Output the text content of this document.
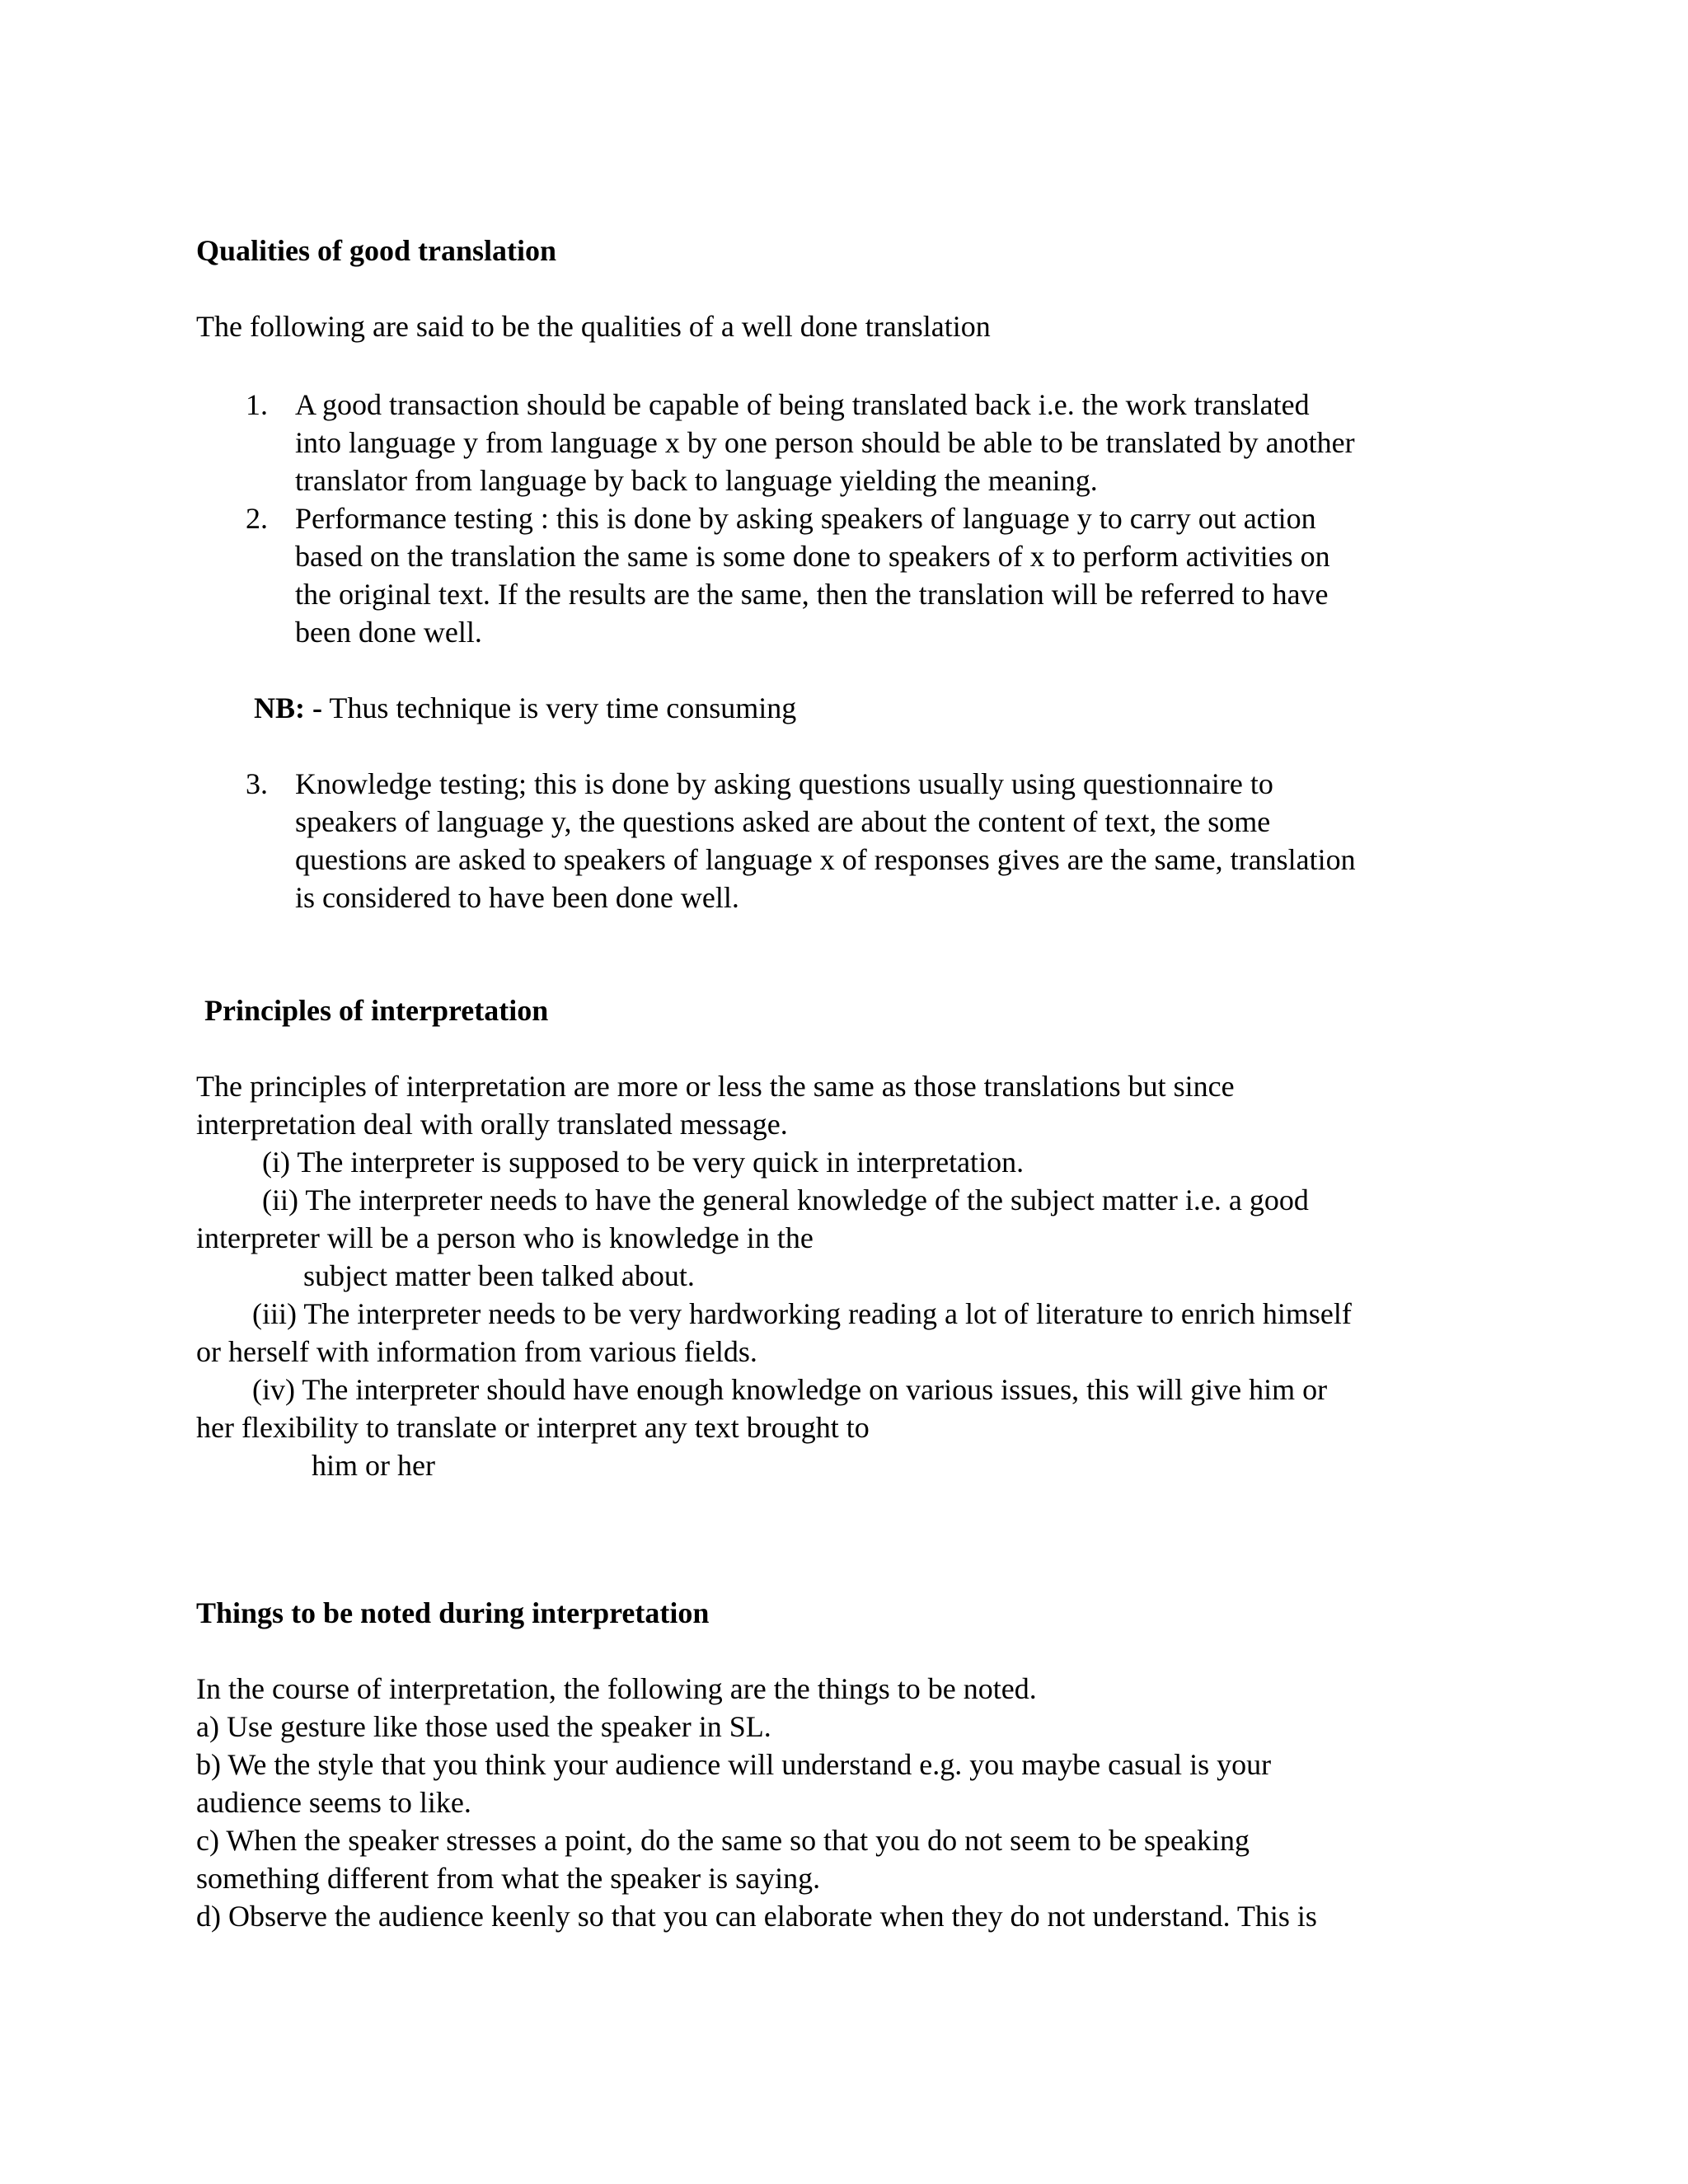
Qualities of good translation
The following are said to be the qualities of a well done translation
1. A good transaction should be capable of being translated back i.e. the work translated
into language y from language x by one person should be able to be translated by another
translator from language by back to language yielding the meaning.
2. Performance testing : this is done by asking speakers of language y to carry out action
based on the translation the same is some done to speakers of x to perform activities on
the original text. If the results are the same, then the translation will be referred to have
been done well.
NB: - Thus technique is very time consuming
3. Knowledge testing; this is done by asking questions usually using questionnaire to
speakers of language y, the questions asked are about the content of text, the some
questions are asked to speakers of language x of responses gives are the same, translation
is considered to have been done well.
Principles of interpretation
The principles of interpretation are more or less the same as those translations but since
interpretation deal with orally translated message.
(i) The interpreter is supposed to be very quick in interpretation.
(ii) The interpreter needs to have the general knowledge of the subject matter i.e. a good
interpreter will be a person who is knowledge in the
subject matter been talked about.
(iii) The interpreter needs to be very hardworking reading a lot of literature to enrich himself
or herself with information from various fields.
(iv) The interpreter should have enough knowledge on various issues, this will give him or
her flexibility to translate or interpret any text brought to
him or her
Things to be noted during interpretation
In the course of interpretation, the following are the things to be noted.
a) Use gesture like those used the speaker in SL.
b) We the style that you think your audience will understand e.g. you maybe casual is your
audience seems to like.
c) When the speaker stresses a point, do the same so that you do not seem to be speaking
something different from what the speaker is saying.
d) Observe the audience keenly so that you can elaborate when they do not understand. This is
